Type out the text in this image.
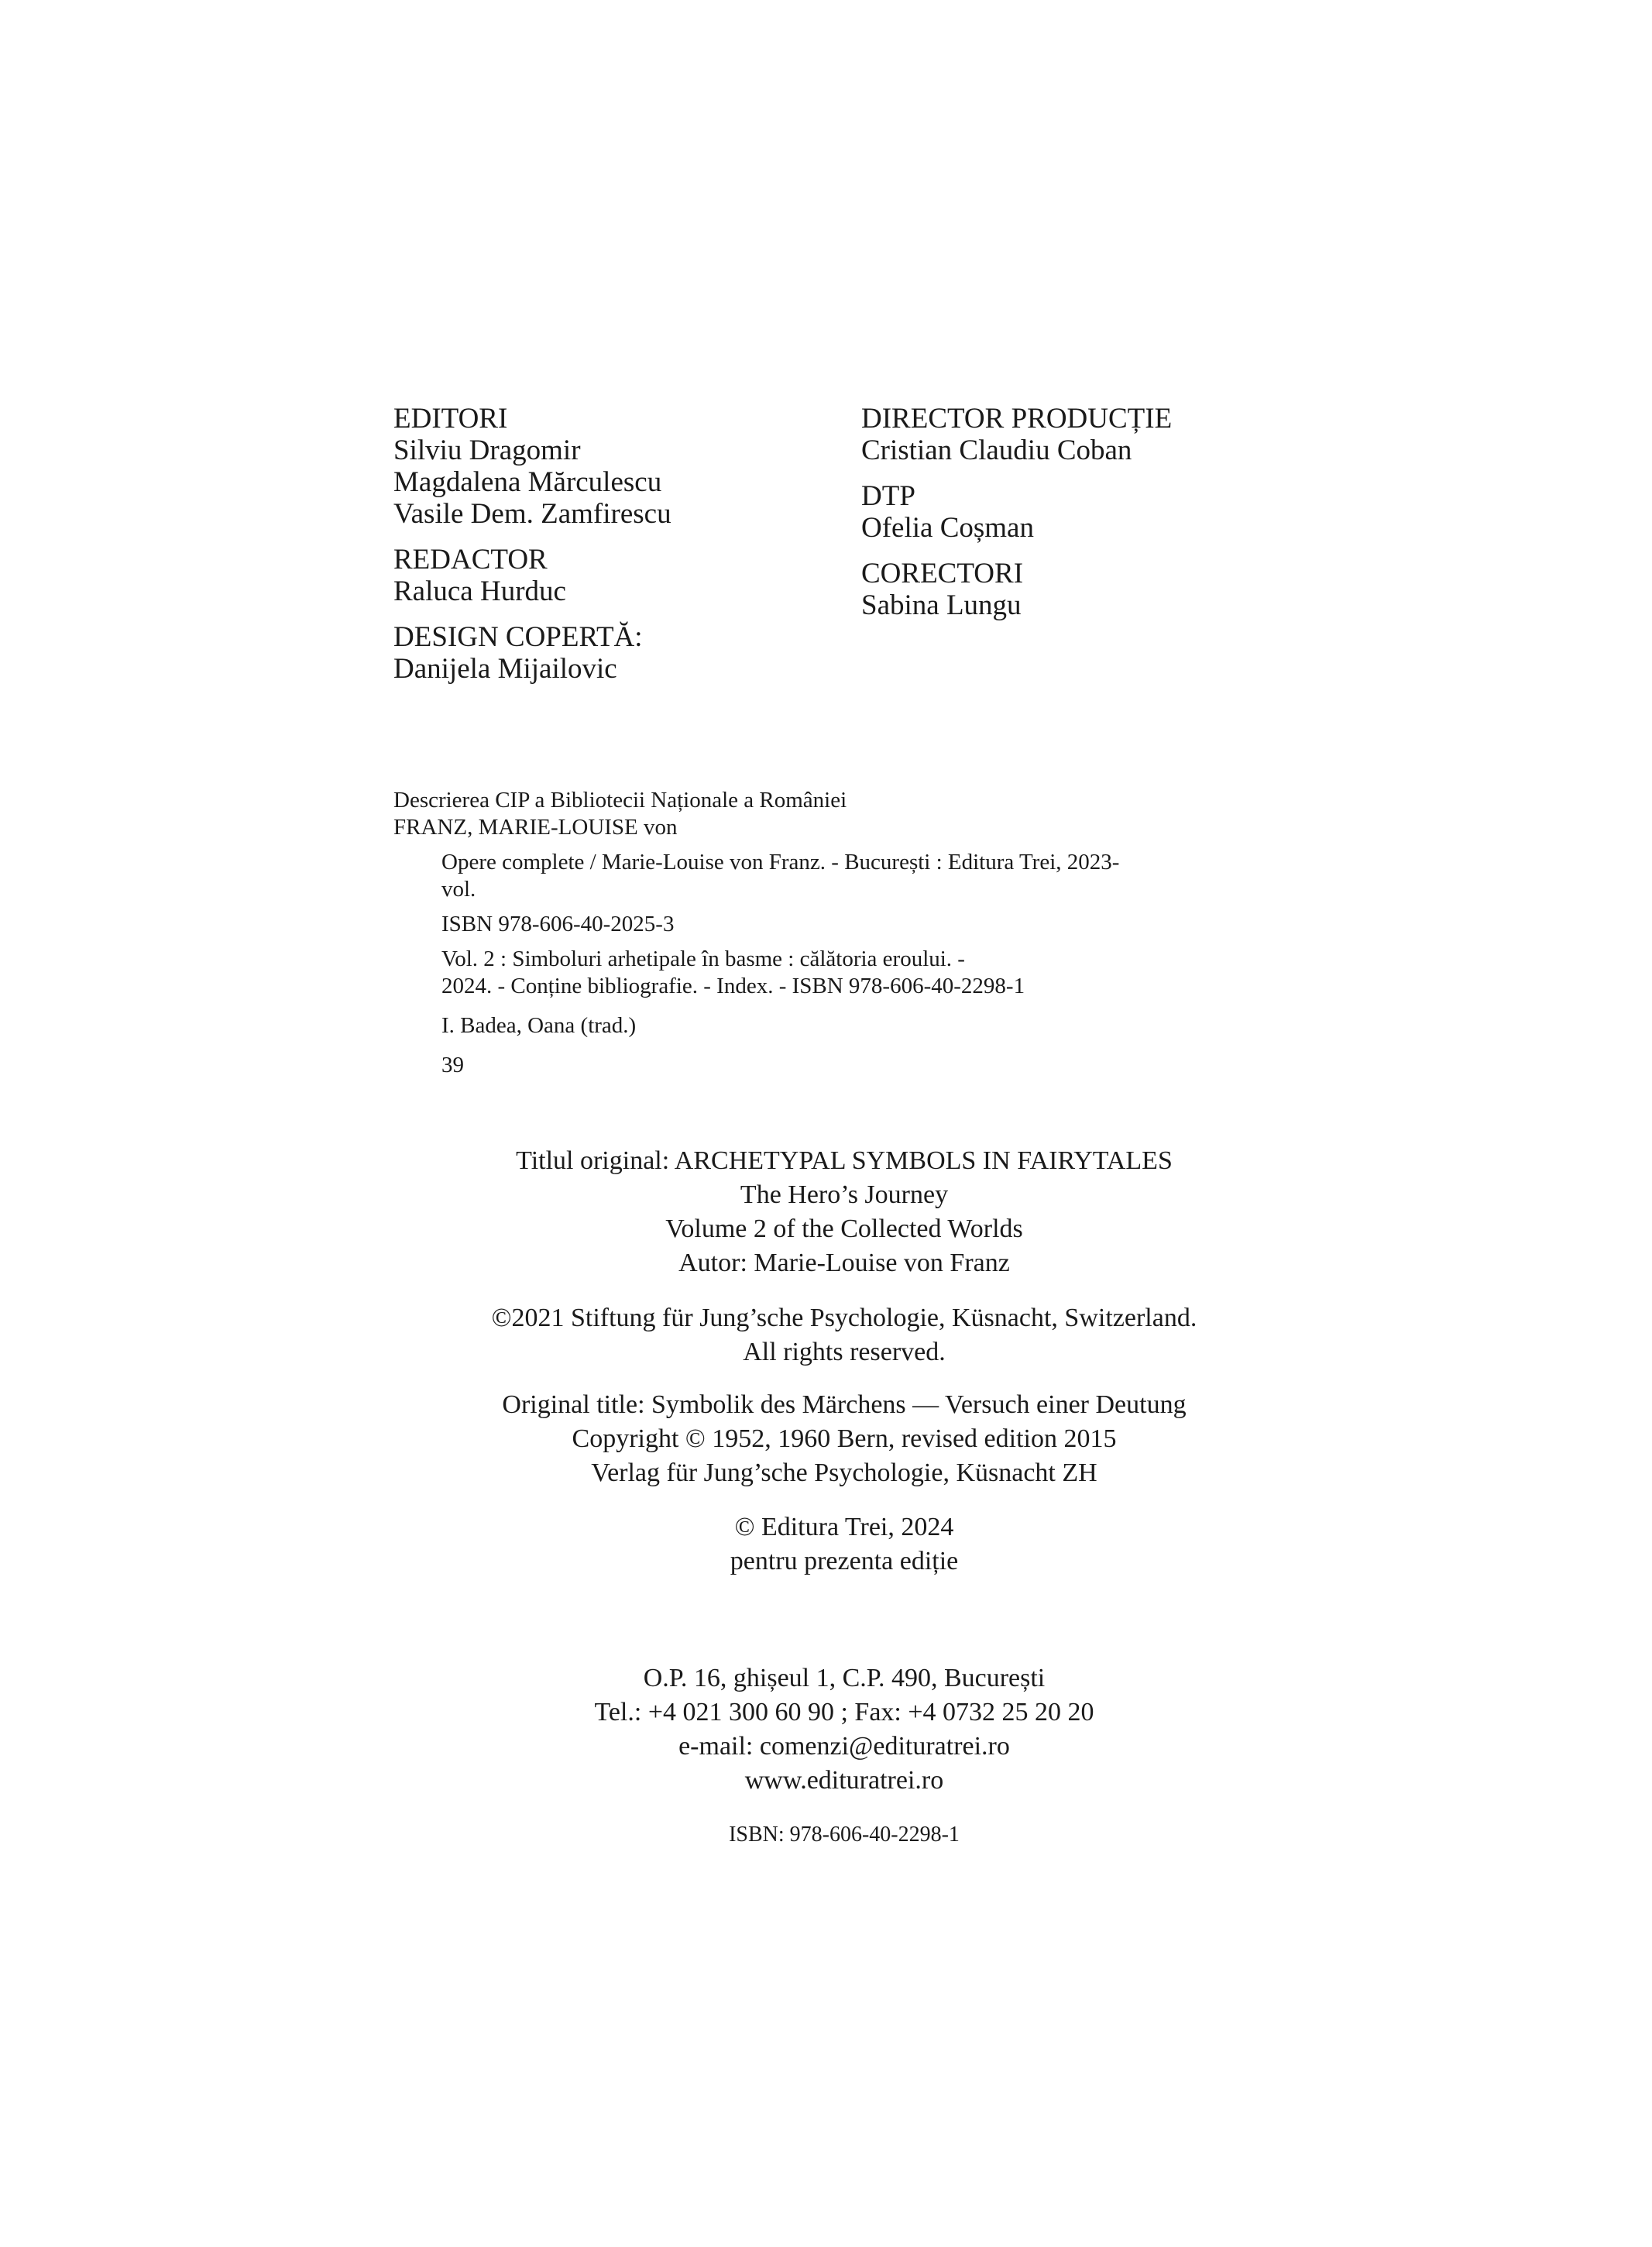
EDITORI
Silviu Dragomir
Magdalena Mărculescu
Vasile Dem. Zamfirescu
REDACTOR
Raluca Hurduc
DESIGN COPERTĂ:
Danijela Mijailovic
DIRECTOR PRODUCȚIE
Cristian Claudiu Coban
DTP
Ofelia Coșman
CORECTORI
Sabina Lungu
Descrierea CIP a Bibliotecii Naționale a României
FRANZ, MARIE-LOUISE von
Opere complete / Marie-Louise von Franz. - București : Editura Trei, 2023-
vol.
ISBN 978-606-40-2025-3
Vol. 2 : Simboluri arhetipale în basme : călătoria eroului. -
2024. - Conține bibliografie. - Index. - ISBN 978-606-40-2298-1
I. Badea, Oana (trad.)
39
Titlul original: ARCHETYPAL SYMBOLS IN FAIRYTALES
The Hero’s Journey
Volume 2 of the Collected Worlds
Autor: Marie-Louise von Franz
©2021 Stiftung für Jung’sche Psychologie, Küsnacht, Switzerland.
All rights reserved.
Original title: Symbolik des Märchens — Versuch einer Deutung
Copyright © 1952, 1960 Bern, revised edition 2015
Verlag für Jung’sche Psychologie, Küsnacht ZH
© Editura Trei, 2024
pentru prezenta ediție
O.P. 16, ghișeul 1, C.P. 490, București
Tel.: +4 021 300 60 90 ; Fax: +4 0732 25 20 20
e-mail: comenzi@edituratrei.ro
www.edituratrei.ro
ISBN: 978-606-40-2298-1
